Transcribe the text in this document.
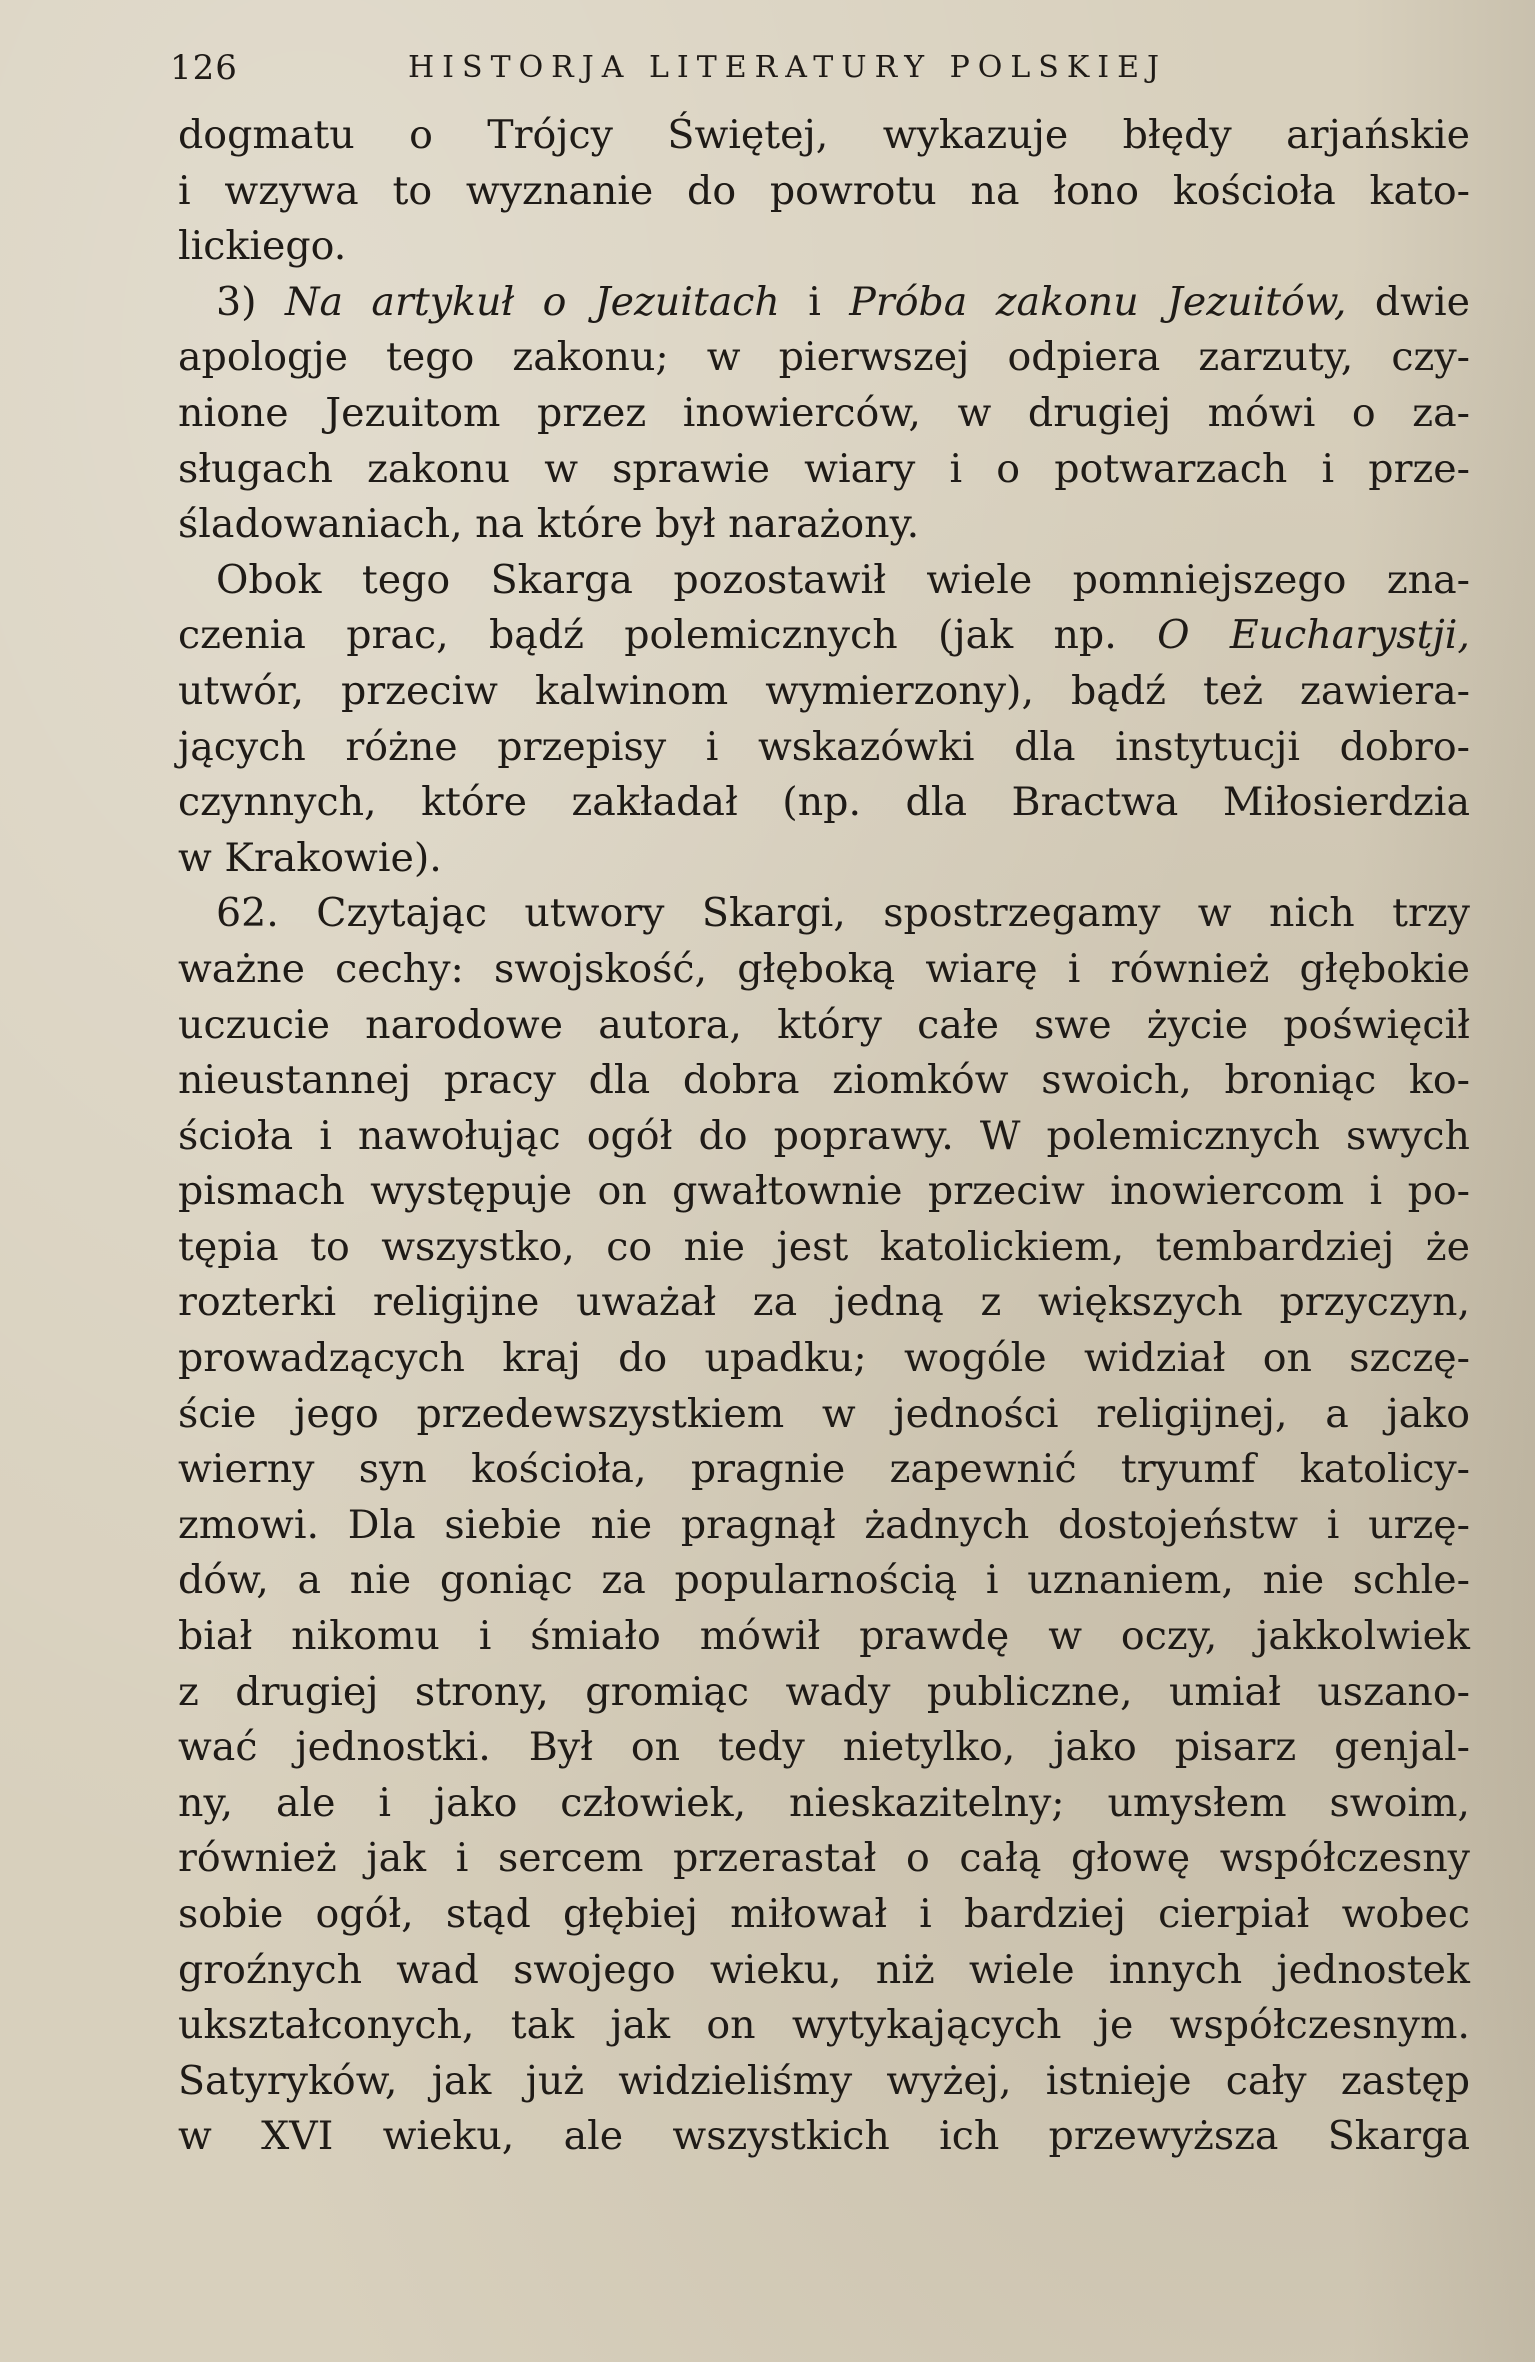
126	HISTORJA LITERATURY POLSKIEJ
dogmatu o Trójcy Świętej, wykazuje błędy arjańskie
i wzywa to wyznanie do powrotu na łono kościoła kato-
lickiego.
3) Na artykuł o Jezuitach i Próba zakonu Jezuitów, dwie
apologje tego zakonu; w pierwszej odpiera zarzuty, czy-
nione Jezuitom przez inowierców, w drugiej mówi o za-
sługach zakonu w sprawie wiary i o potwarzach i prze-
śladowaniach, na które był narażony.
Obok tego Skarga pozostawił wiele pomniejszego zna-
czenia prac, bądź polemicznych (jak np. O Eucharystji,
utwór, przeciw kalwinom wymierzony), bądź też zawiera-
jących różne przepisy i wskazówki dla instytucji dobro-
czynnych, które zakładał (np. dla Bractwa Miłosierdzia
w Krakowie).
62. Czytając utwory Skargi, spostrzegamy w nich trzy
ważne cechy: swojskość, głęboką wiarę i również głębokie
uczucie narodowe autora, który całe swe życie poświęcił
nieustannej pracy dla dobra ziomków swoich, broniąc ko-
ścioła i nawołując ogół do poprawy. W polemicznych swych
pismach występuje on gwałtownie przeciw inowiercom i po-
tępia to wszystko, co nie jest katolickiem, tembardziej że
rozterki religijne uważał za jedną z większych przyczyn,
prowadzących kraj do upadku; wogóle widział on szczę-
ście jego przedewszystkiem w jedności religijnej, a jako
wierny syn kościoła, pragnie zapewnić tryumf katolicy-
zmowi. Dla siebie nie pragnął żadnych dostojeństw i urzę-
dów, a nie goniąc za popularnością i uznaniem, nie schle-
biał nikomu i śmiało mówił prawdę w oczy, jakkolwiek
z drugiej strony, gromiąc wady publiczne, umiał uszano-
wać jednostki. Był on tedy nietylko, jako pisarz genjal-
ny, ale i jako człowiek, nieskazitelny; umysłem swoim,
również jak i sercem przerastał o całą głowę współczesny
sobie ogół, stąd głębiej miłował i bardziej cierpiał wobec
groźnych wad swojego wieku, niż wiele innych jednostek
ukształconych, tak jak on wytykających je współczesnym.
Satyryków, jak już widzieliśmy wyżej, istnieje cały zastęp
w XVI wieku, ale wszystkich ich przewyższa Skarga
